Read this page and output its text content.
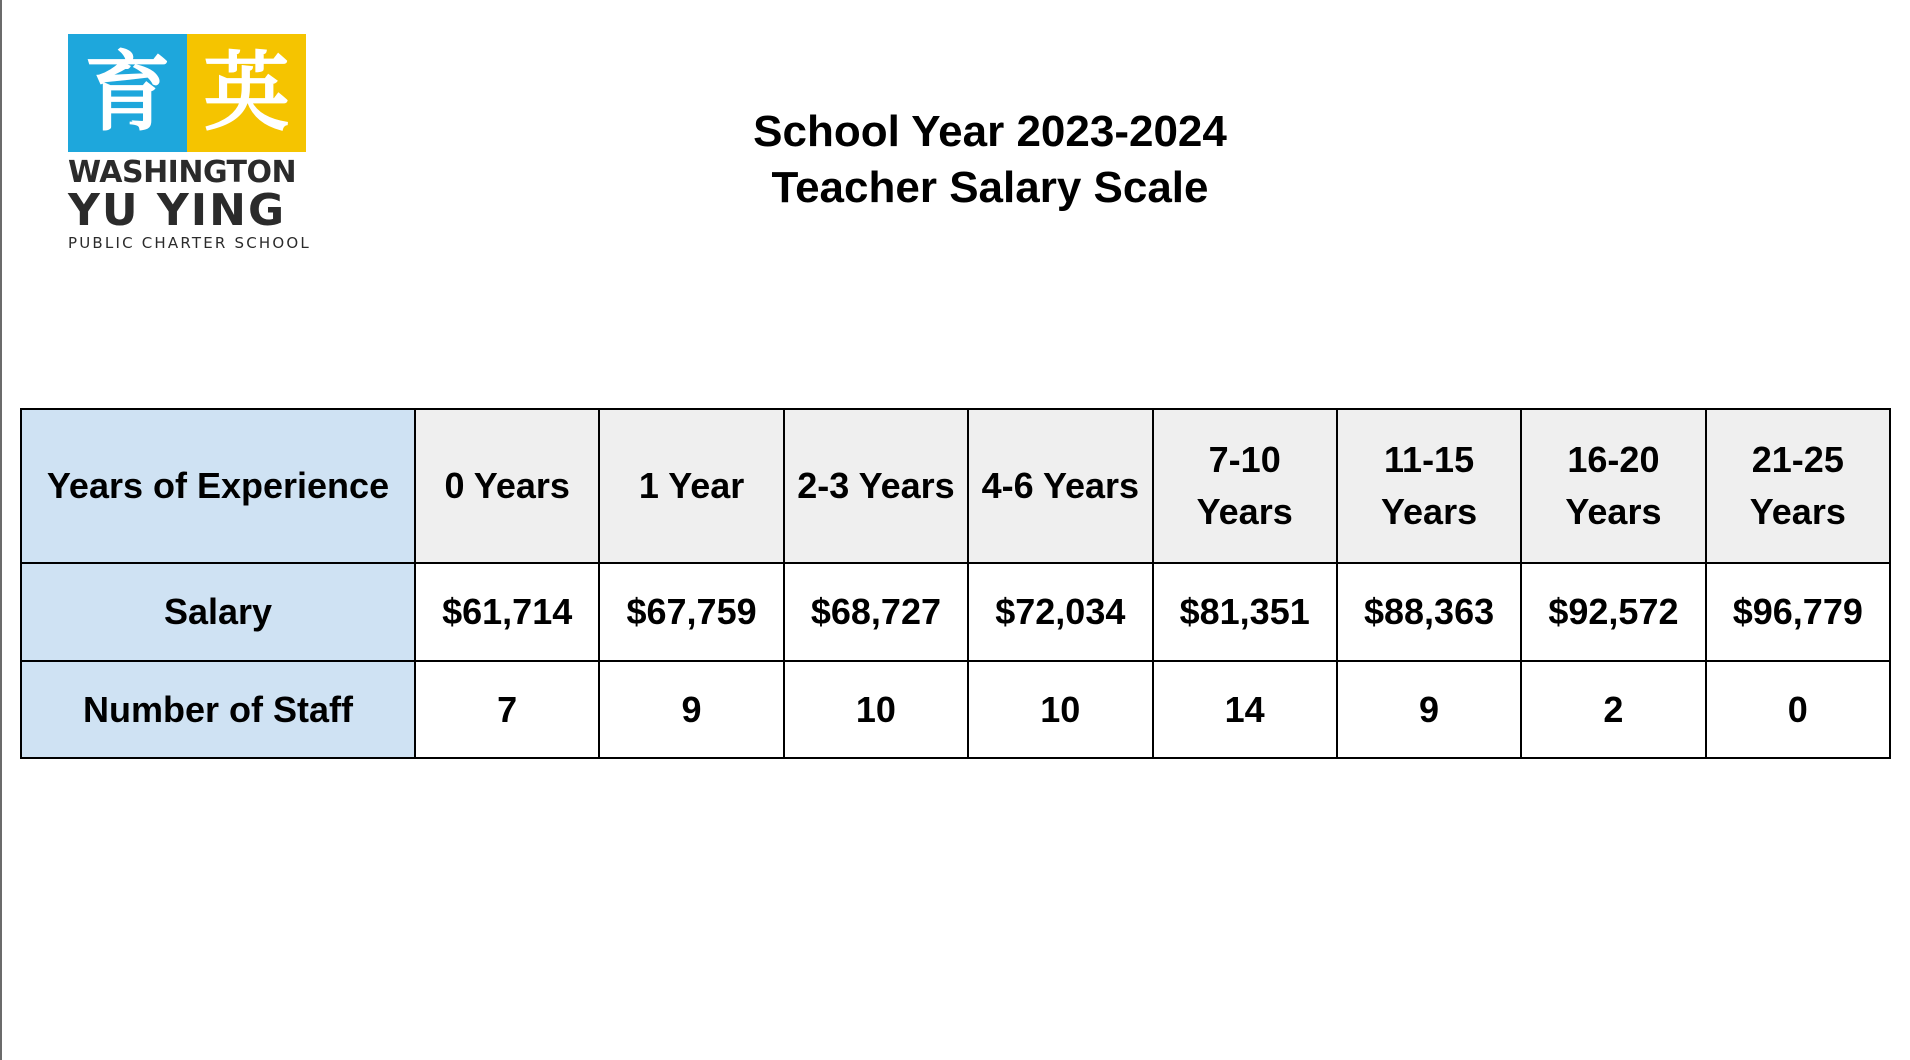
育 英
WASHINGTON
YU YING
PUBLIC CHARTER SCHOOL
School Year 2023-2024
Teacher Salary Scale
Years of Experience	0 Years	1 Year	2-3 Years	4-6 Years	7-10 Years	11-15 Years	16-20 Years	21-25 Years
Salary	$61,714	$67,759	$68,727	$72,034	$81,351	$88,363	$92,572	$96,779
Number of Staff	7	9	10	10	14	9	2	0
